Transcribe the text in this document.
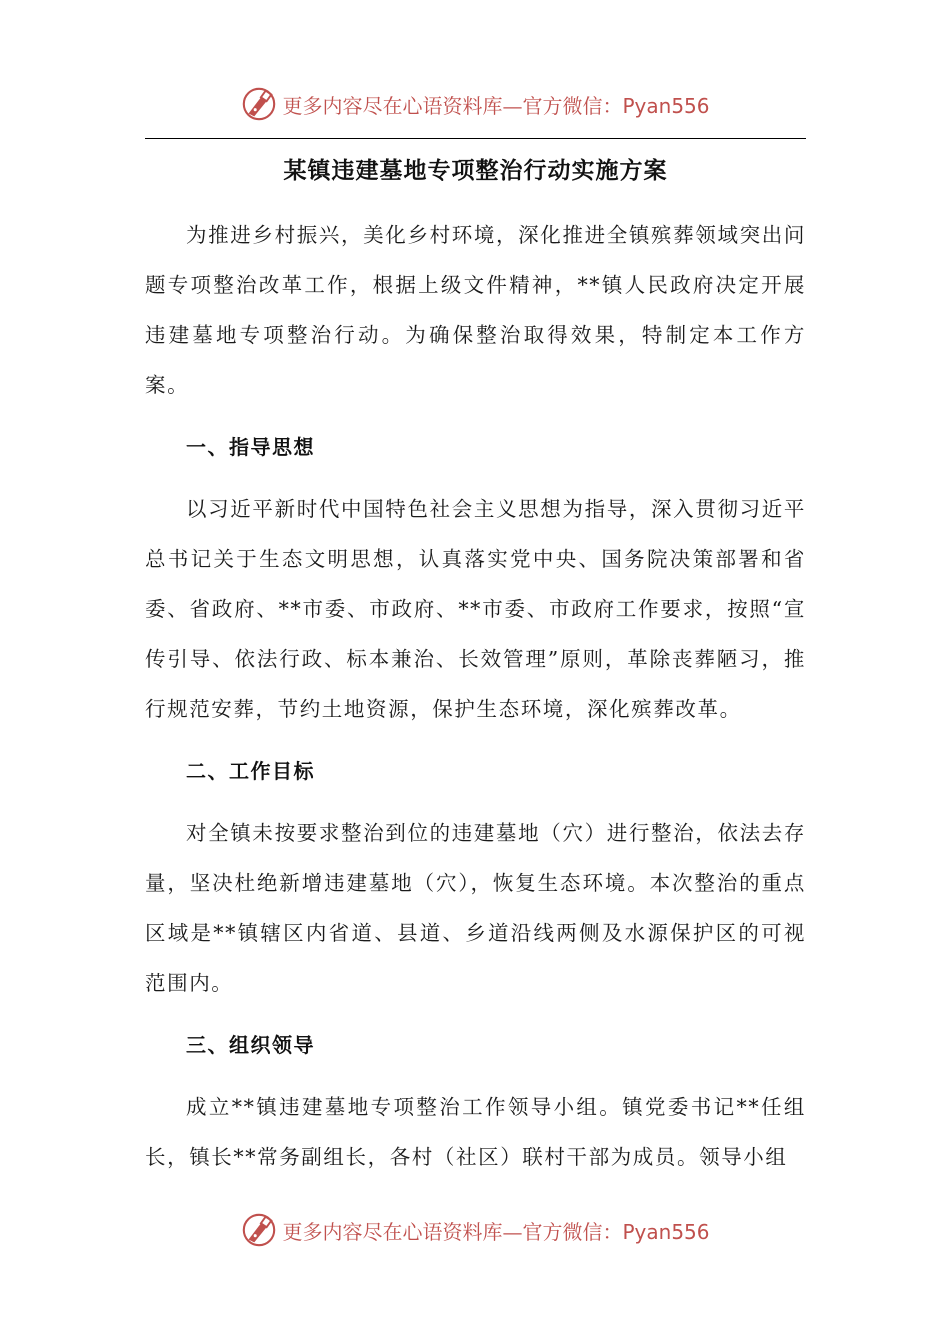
更多内容尽在心语资料库—官方微信：Pyan556
某镇违建墓地专项整治行动实施方案

为推进乡村振兴，美化乡村环境，深化推进全镇殡葬领域突出问题专项整治改革工作，根据上级文件精神，**镇人民政府决定开展违建墓地专项整治行动。为确保整治取得效果，特制定本工作方案。

一、指导思想

以习近平新时代中国特色社会主义思想为指导，深入贯彻习近平总书记关于生态文明思想，认真落实党中央、国务院决策部署和省委、省政府、**市委、市政府、**市委、市政府工作要求，按照“宣传引导、依法行政、标本兼治、长效管理”原则，革除丧葬陋习，推行规范安葬，节约土地资源，保护生态环境，深化殡葬改革。

二、工作目标

对全镇未按要求整治到位的违建墓地（穴）进行整治，依法去存量，坚决杜绝新增违建墓地（穴），恢复生态环境。本次整治的重点区域是**镇辖区内省道、县道、乡道沿线两侧及水源保护区的可视范围内。

三、组织领导

成立**镇违建墓地专项整治工作领导小组。镇党委书记**任组长，镇长**常务副组长，各村（社区）联村干部为成员。领导小组

更多内容尽在心语资料库—官方微信：Pyan556
